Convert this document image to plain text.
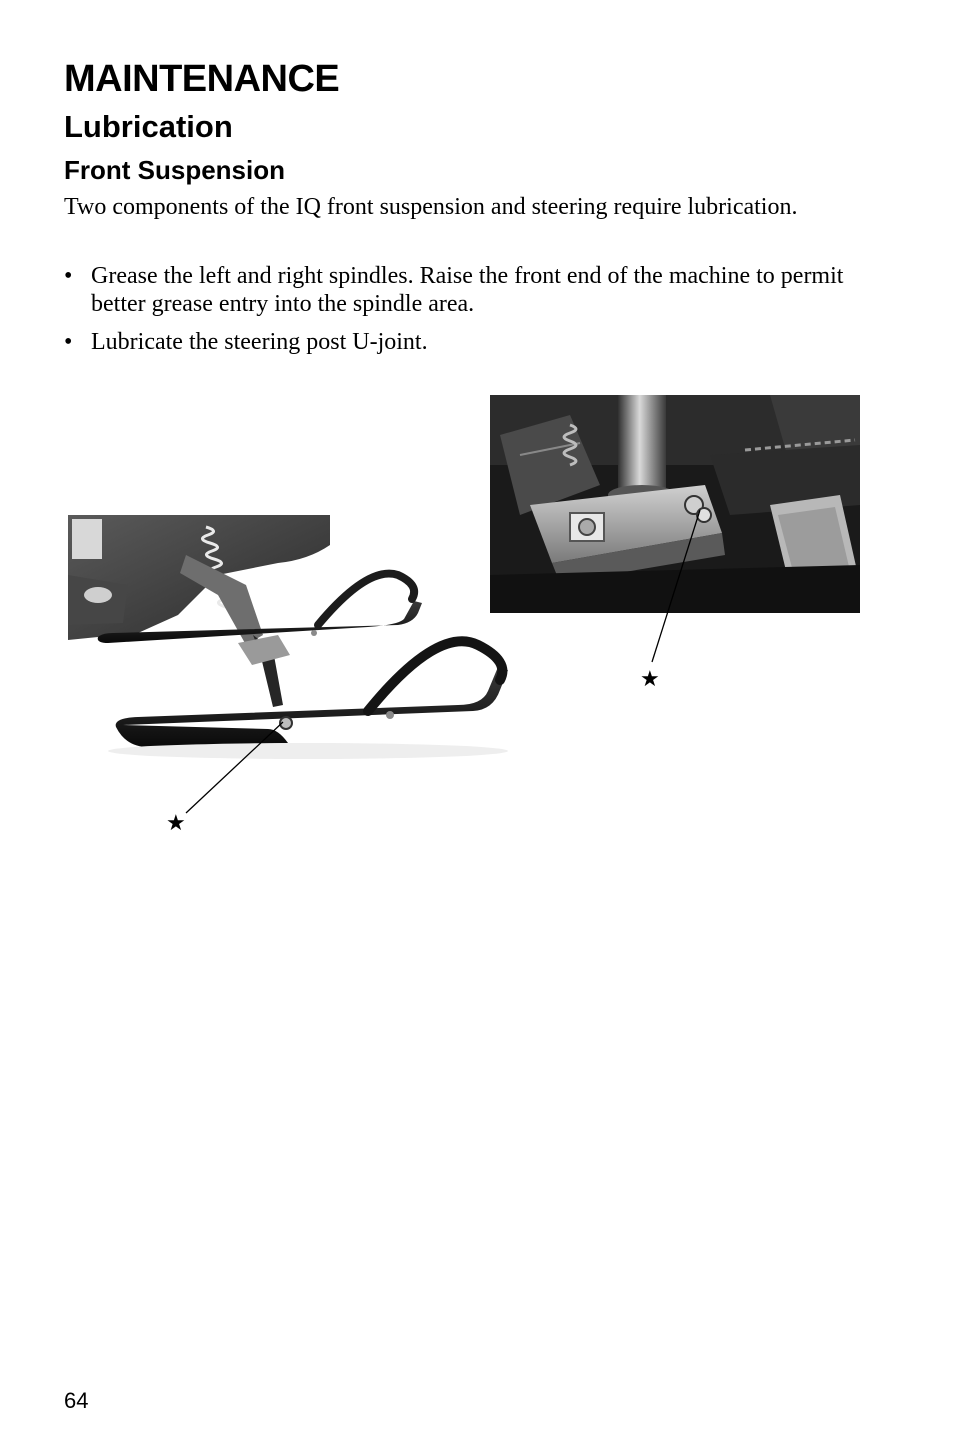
MAINTENANCE
Lubrication
Front Suspension

Two components of the IQ front suspension and steering require lubrication.

• Grease the left and right spindles. Raise the front end of the machine to permit better grease entry into the spindle area.
• Lubricate the steering post U-joint.
★
★
64
